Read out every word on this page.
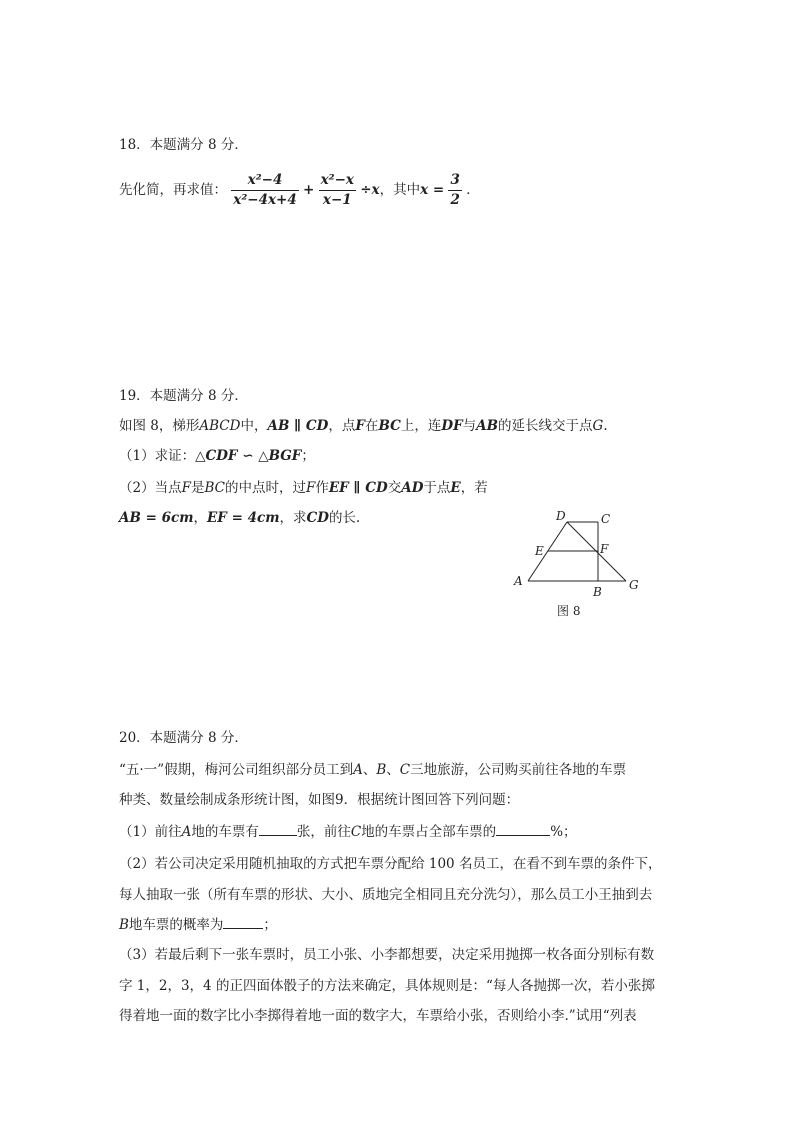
18．本题满分 8 分．
先化简，再求值： $\frac{\text{x²−4}}{\text{x²−4x+4}} + \frac{\text{x²−x}}{x-1} \div x$，其中$x = \frac{3}{2}$ ．
19．本题满分 8 分．
如图 8，梯形ABCD中，AB ∥ CD，点F在BC上，连DF与AB的延长线交于点G.
（1）求证：△CDF ∽ △BGF；
（2）当点F是BC的中点时，过F作EF ∥ CD交AD于点E，若
AB = 6cm，EF = 4cm，求CD的长.	D	C
E	F
A
B G
图 8
20．本题满分 8 分．
“五·一”假期，梅河公司组织部分员工到A、B、C三地旅游，公司购买前往各地的车票
种类、数量绘制成条形统计图，如图9．根据统计图回答下列问题：
（1）前往A地的车票有	张，前往C地的车票占全部车票的	%；
（2）若公司决定采用随机抽取的方式把车票分配给 100 名员工，在看不到车票的条件下，
每人抽取一张（所有车票的形状、大小、质地完全相同且充分洗匀），那么员工小王抽到去
B地车票的概率为	；
（3）若最后剩下一张车票时，员工小张、小李都想要，决定采用抛掷一枚各面分别标有数
字 1，2，3，4 的正四面体骰子的方法来确定，具体规则是：“每人各抛掷一次，若小张掷
得着地一面的数字比小李掷得着地一面的数字大，车票给小张，否则给小李.”试用“列表
